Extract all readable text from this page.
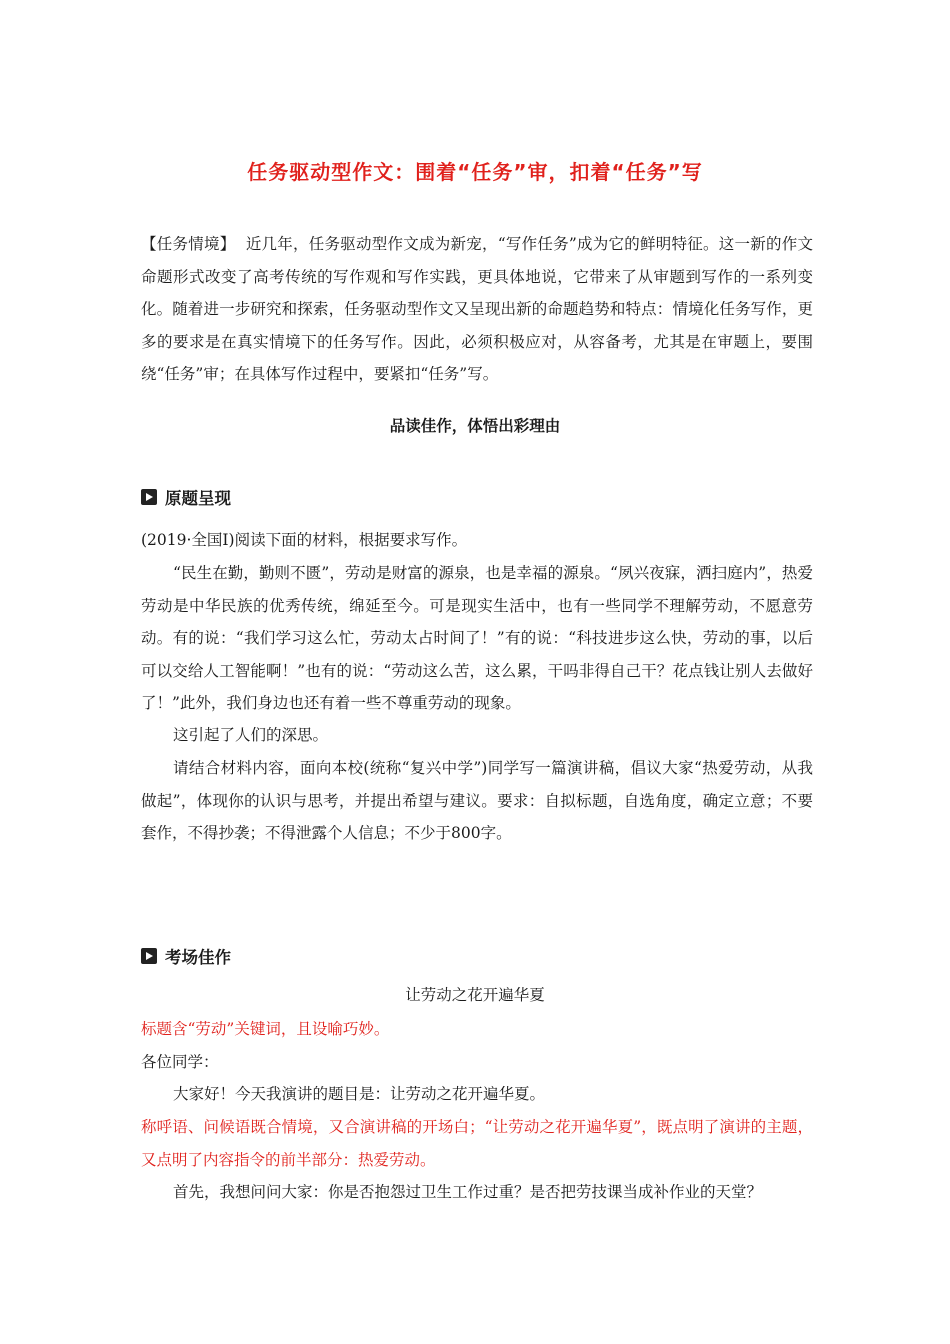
任务驱动型作文：围着“任务”审，扣着“任务”写
【任务情境】 近几年，任务驱动型作文成为新宠，“写作任务”成为它的鲜明特征。这一新的作文命题形式改变了高考传统的写作观和写作实践，更具体地说，它带来了从审题到写作的一系列变化。随着进一步研究和探索，任务驱动型作文又呈现出新的命题趋势和特点：情境化任务写作，更多的要求是在真实情境下的任务写作。因此，必须积极应对，从容备考，尤其是在审题上，要围绕“任务”审；在具体写作过程中，要紧扣“任务”写。
品读佳作，体悟出彩理由
原题呈现
(2019·全国Ⅰ)阅读下面的材料，根据要求写作。
“民生在勤，勤则不匮”，劳动是财富的源泉，也是幸福的源泉。“夙兴夜寐，洒扫庭内”，热爱劳动是中华民族的优秀传统，绵延至今。可是现实生活中，也有一些同学不理解劳动，不愿意劳动。有的说：“我们学习这么忙，劳动太占时间了！”有的说：“科技进步这么快，劳动的事，以后可以交给人工智能啊！”也有的说：“劳动这么苦，这么累，干吗非得自己干？花点钱让别人去做好了！”此外，我们身边也还有着一些不尊重劳动的现象。
这引起了人们的深思。
请结合材料内容，面向本校(统称“复兴中学”)同学写一篇演讲稿，倡议大家“热爱劳动，从我做起”，体现你的认识与思考，并提出希望与建议。要求：自拟标题，自选角度，确定立意；不要套作，不得抄袭；不得泄露个人信息；不少于800字。
考场佳作
让劳动之花开遍华夏
标题含“劳动”关键词，且设喻巧妙。
各位同学：
大家好！今天我演讲的题目是：让劳动之花开遍华夏。
称呼语、问候语既合情境，又合演讲稿的开场白；“让劳动之花开遍华夏”，既点明了演讲的主题，又点明了内容指令的前半部分：热爱劳动。
首先，我想问问大家：你是否抱怨过卫生工作过重？是否把劳技课当成补作业的天堂？
